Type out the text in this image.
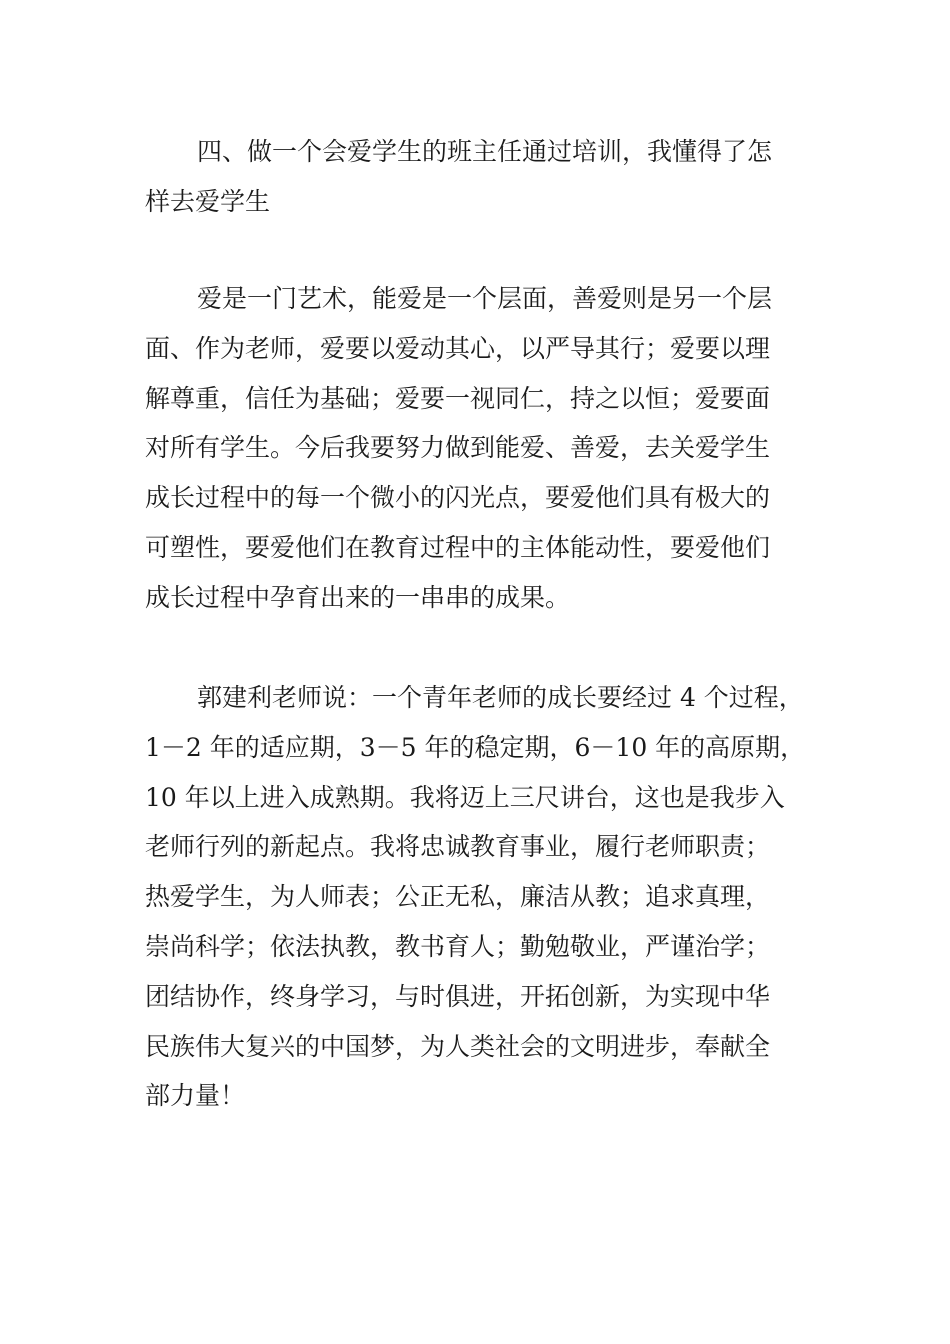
四、做一个会爱学生的班主任通过培训，我懂得了怎
样去爱学生
爱是一门艺术，能爱是一个层面，善爱则是另一个层
面、作为老师，爱要以爱动其心，以严导其行；爱要以理
解尊重，信任为基础；爱要一视同仁，持之以恒；爱要面
对所有学生。今后我要努力做到能爱、善爱，去关爱学生
成长过程中的每一个微小的闪光点，要爱他们具有极大的
可塑性，要爱他们在教育过程中的主体能动性，要爱他们
成长过程中孕育出来的一串串的成果。
郭建利老师说：一个青年老师的成长要经过 4 个过程，
1－2 年的适应期，3－5 年的稳定期，6－10 年的高原期，
10 年以上进入成熟期。我将迈上三尺讲台，这也是我步入
老师行列的新起点。我将忠诚教育事业，履行老师职责；
热爱学生，为人师表；公正无私，廉洁从教；追求真理，
崇尚科学；依法执教，教书育人；勤勉敬业，严谨治学；
团结协作，终身学习，与时俱进，开拓创新，为实现中华
民族伟大复兴的中国梦，为人类社会的文明进步，奉献全
部力量！
